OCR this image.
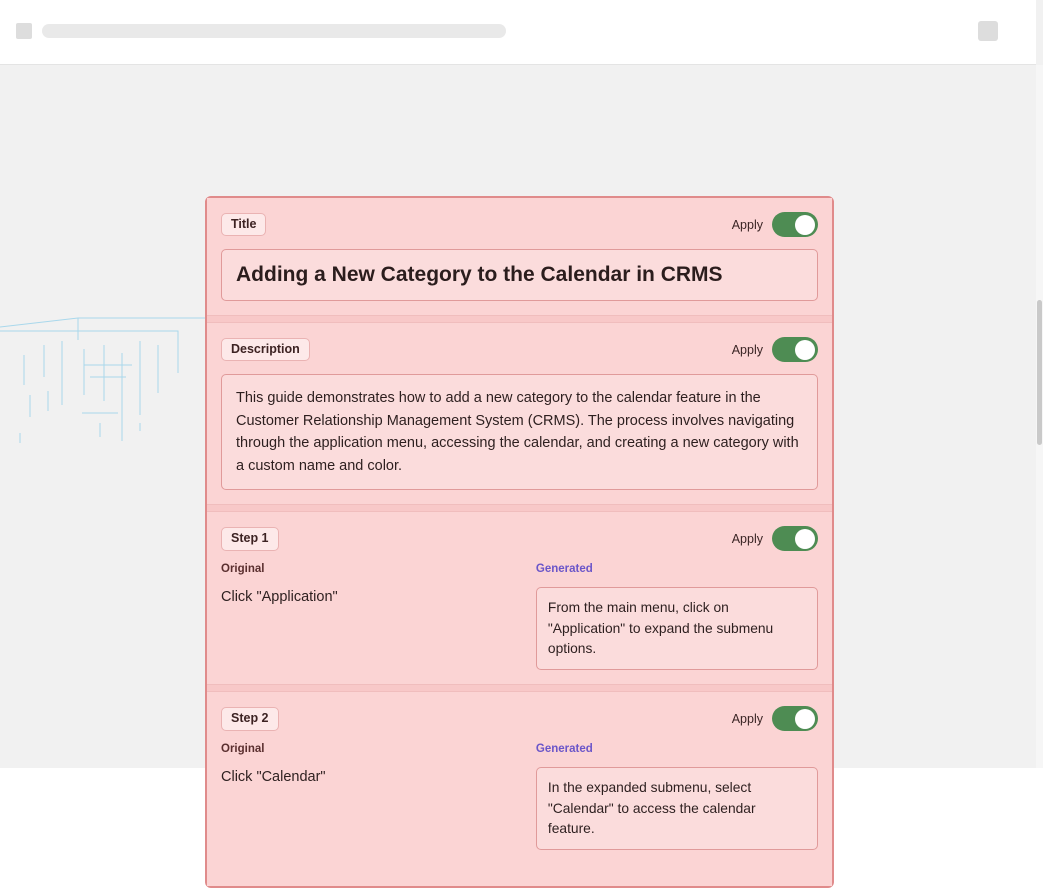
Title	Apply
Adding a New Category to the Calendar in CRMS
Description	Apply
This guide demonstrates how to add a new category to the calendar feature in the Customer Relationship Management System (CRMS). The process involves navigating through the application menu, accessing the calendar, and creating a new category with a custom name and color.
Step 1	Apply
Original
Click "Application"
Generated
From the main menu, click on "Application" to expand the submenu options.
Step 2	Apply
Original
Click "Calendar"
Generated
In the expanded submenu, select "Calendar" to access the calendar feature.
